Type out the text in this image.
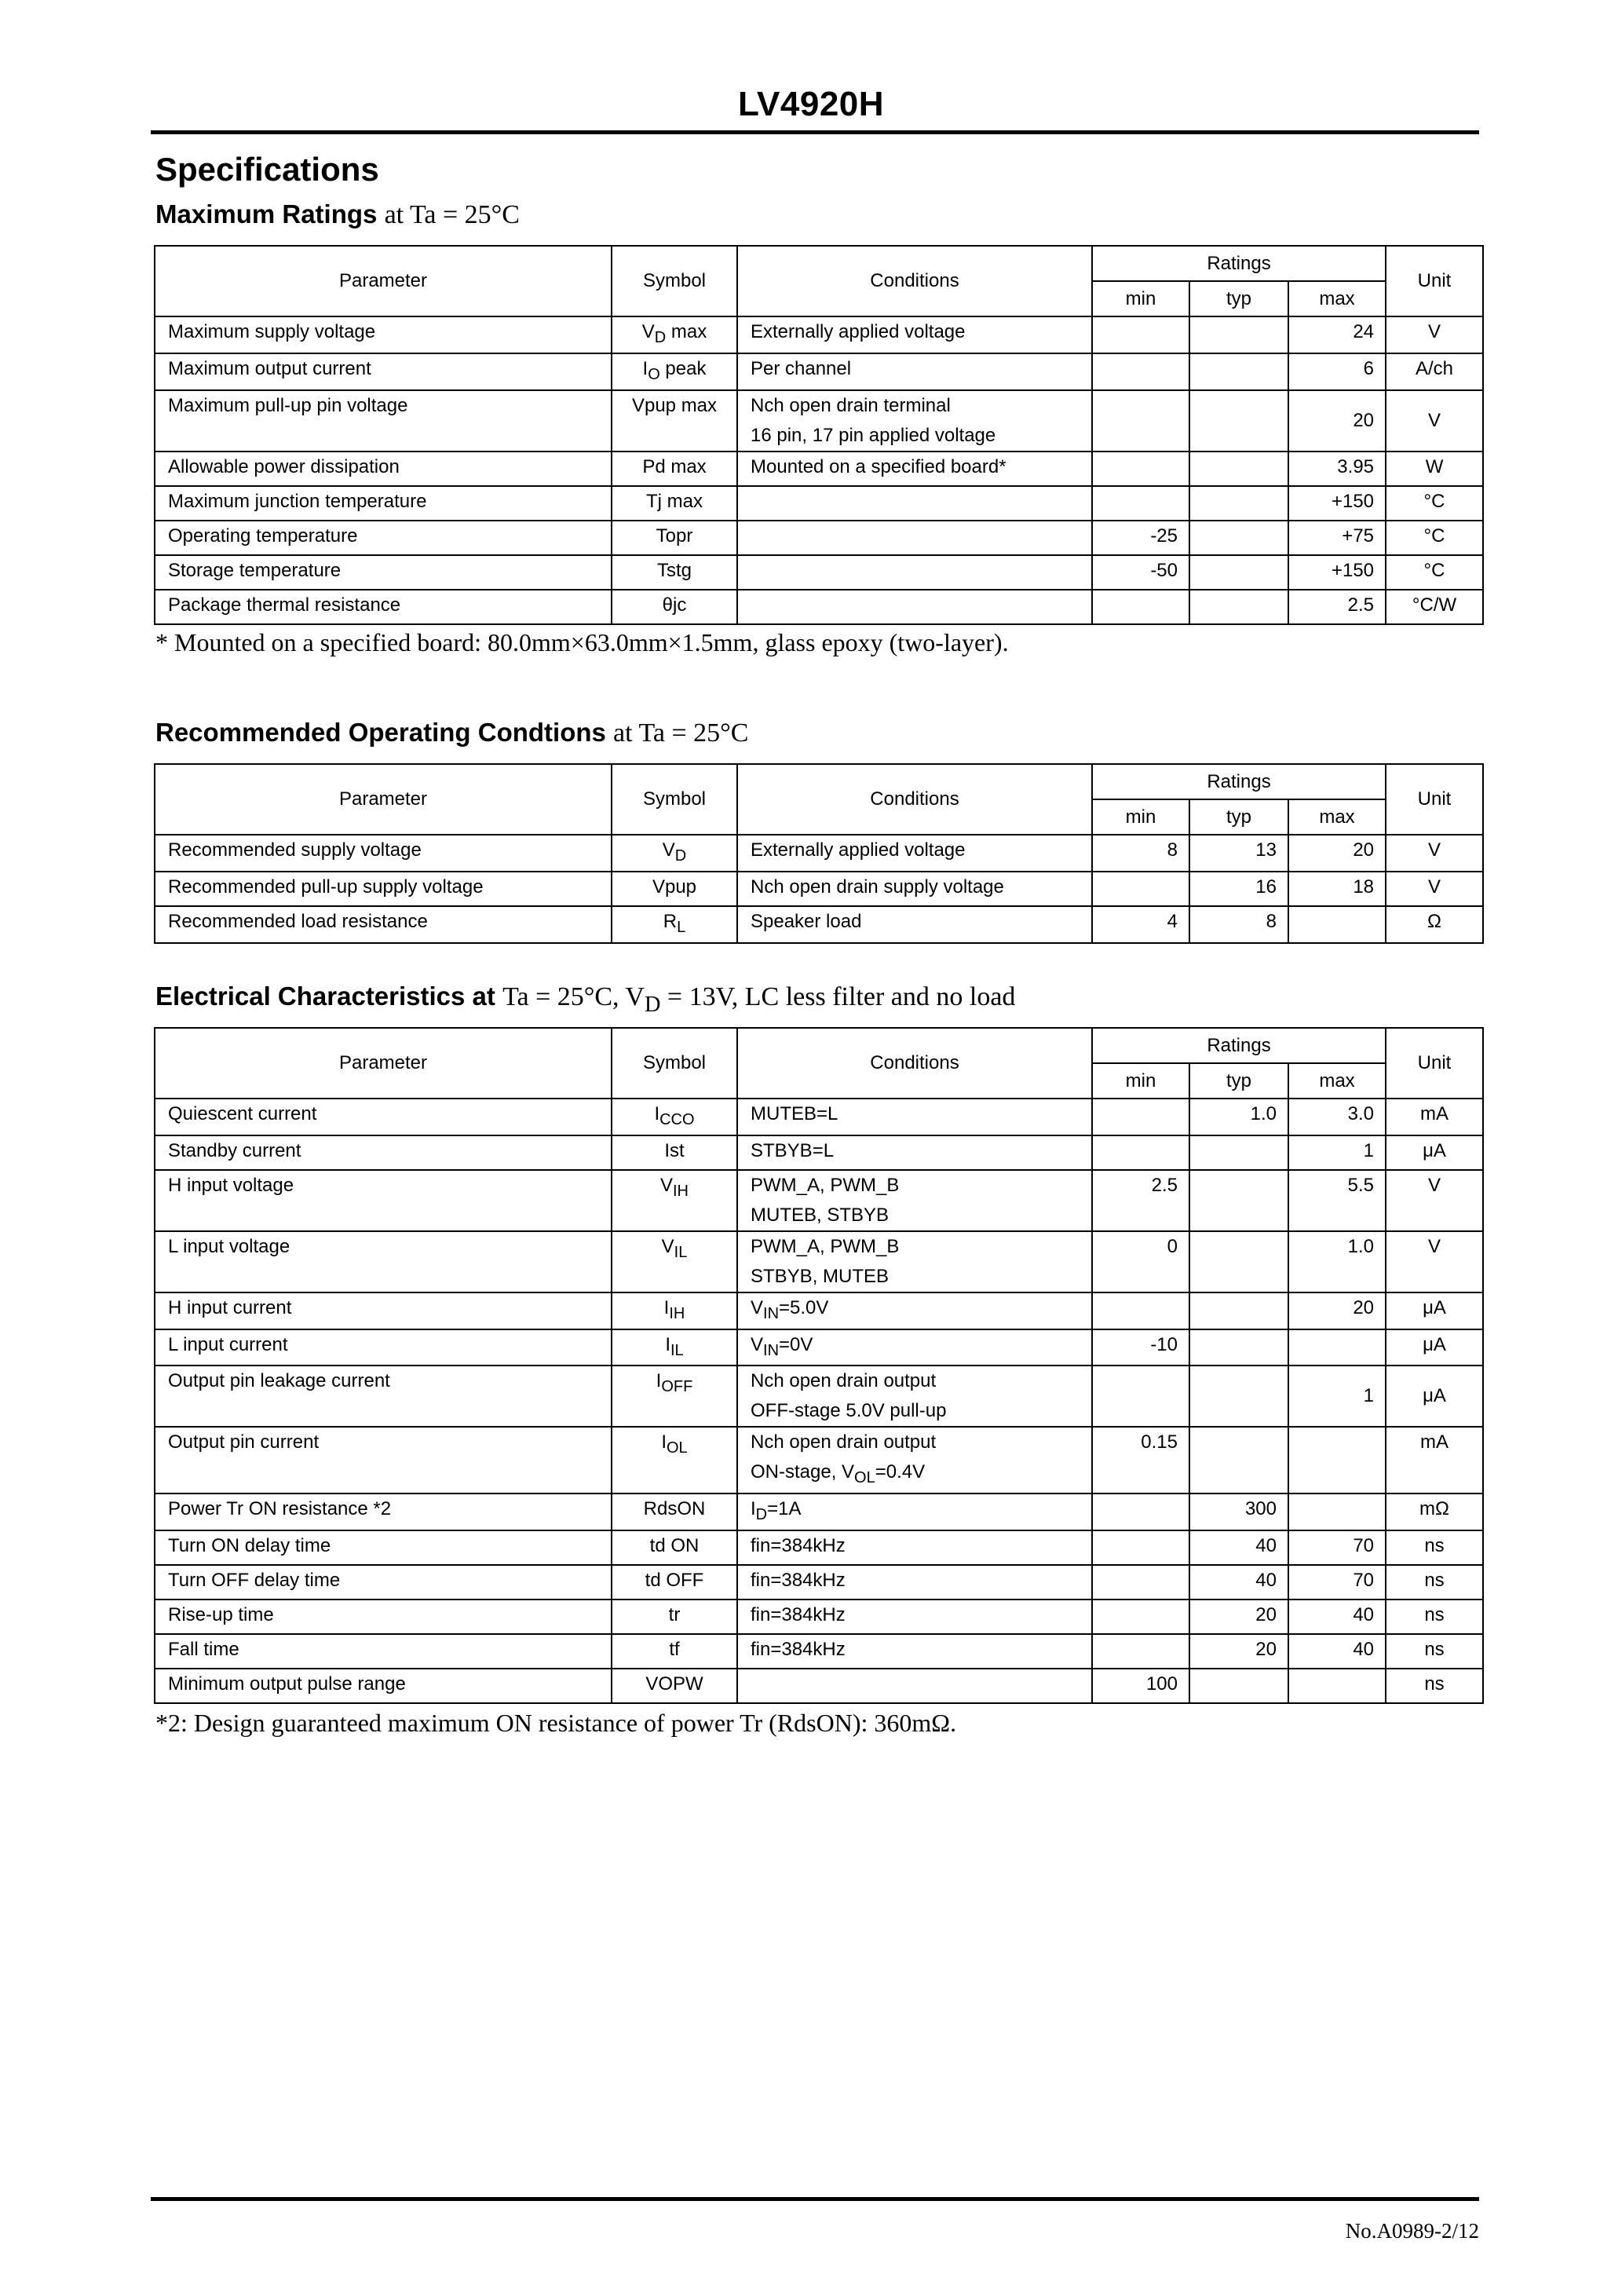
LV4920H
Specifications
Maximum Ratings at Ta = 25°C
Parameter	Symbol	Conditions	Ratings			Unit
			min	typ	max	
Maximum supply voltage	$V_D$ max	Externally applied voltage			24	V
Maximum output current	$I_O$ peak	Per channel			6	A/ch
Maximum pull-up pin voltage	Vpup max	Nch open drain terminal
16 pin, 17 pin applied voltage			20	V
Allowable power dissipation	Pd max	Mounted on a specified board*			3.95	W
Maximum junction temperature	Tj max				+150	°C
Operating temperature	Topr		-25		+75	°C
Storage temperature	Tstg		-50		+150	°C
Package thermal resistance	θjc				2.5	°C/W
* Mounted on a specified board: 80.0mm×63.0mm×1.5mm, glass epoxy (two-layer).
Recommended Operating Condtions at Ta = 25°C
Parameter	Symbol	Conditions	Ratings			Unit
			min	typ	max	
Recommended supply voltage	$V_D$	Externally applied voltage	8	13	20	V
Recommended pull-up supply voltage	Vpup	Nch open drain supply voltage		16	18	V
Recommended load resistance	$R_L$	Speaker load	4	8		Ω
Electrical Characteristics at Ta = 25°C, $V_D = 13V$, LC less filter and no load
Parameter	Symbol	Conditions	Ratings			Unit
			min	typ	max	
Quiescent current	$I_{CCO}$	MUTEB=L		1.0	3.0	mA
Standby current	Ist	STBYB=L			1	μA
H input voltage	$V_{IH}$	PWM_A, PWM_B
MUTEB, STBYB	2.5		5.5	V
L input voltage	$V_{IL}$	PWM_A, PWM_B
STBYB, MUTEB	0		1.0	V
H input current	$I_{IH}$	$V_{IN}=5.0V$			20	μA
L input current	$I_{IL}$	$V_{IN}=0V$	-10			μA
Output pin leakage current	$I_{OFF}$	Nch open drain output
OFF-stage 5.0V pull-up			1	μA
Output pin current	$I_{OL}$	Nch open drain output
ON-stage, $V_{OL}=0.4V$	0.15			mA
Power Tr ON resistance *2	RdsON	$I_D=1A$		300		mΩ
Turn ON delay time	td ON	fin=384kHz		40	70	ns
Turn OFF delay time	td OFF	fin=384kHz		40	70	ns
Rise-up time	tr	fin=384kHz		20	40	ns
Fall time	tf	fin=384kHz		20	40	ns
Minimum output pulse range	VOPW		100			ns
*2: Design guaranteed maximum ON resistance of power Tr (RdsON): 360mΩ.
No.A0989-2/12
